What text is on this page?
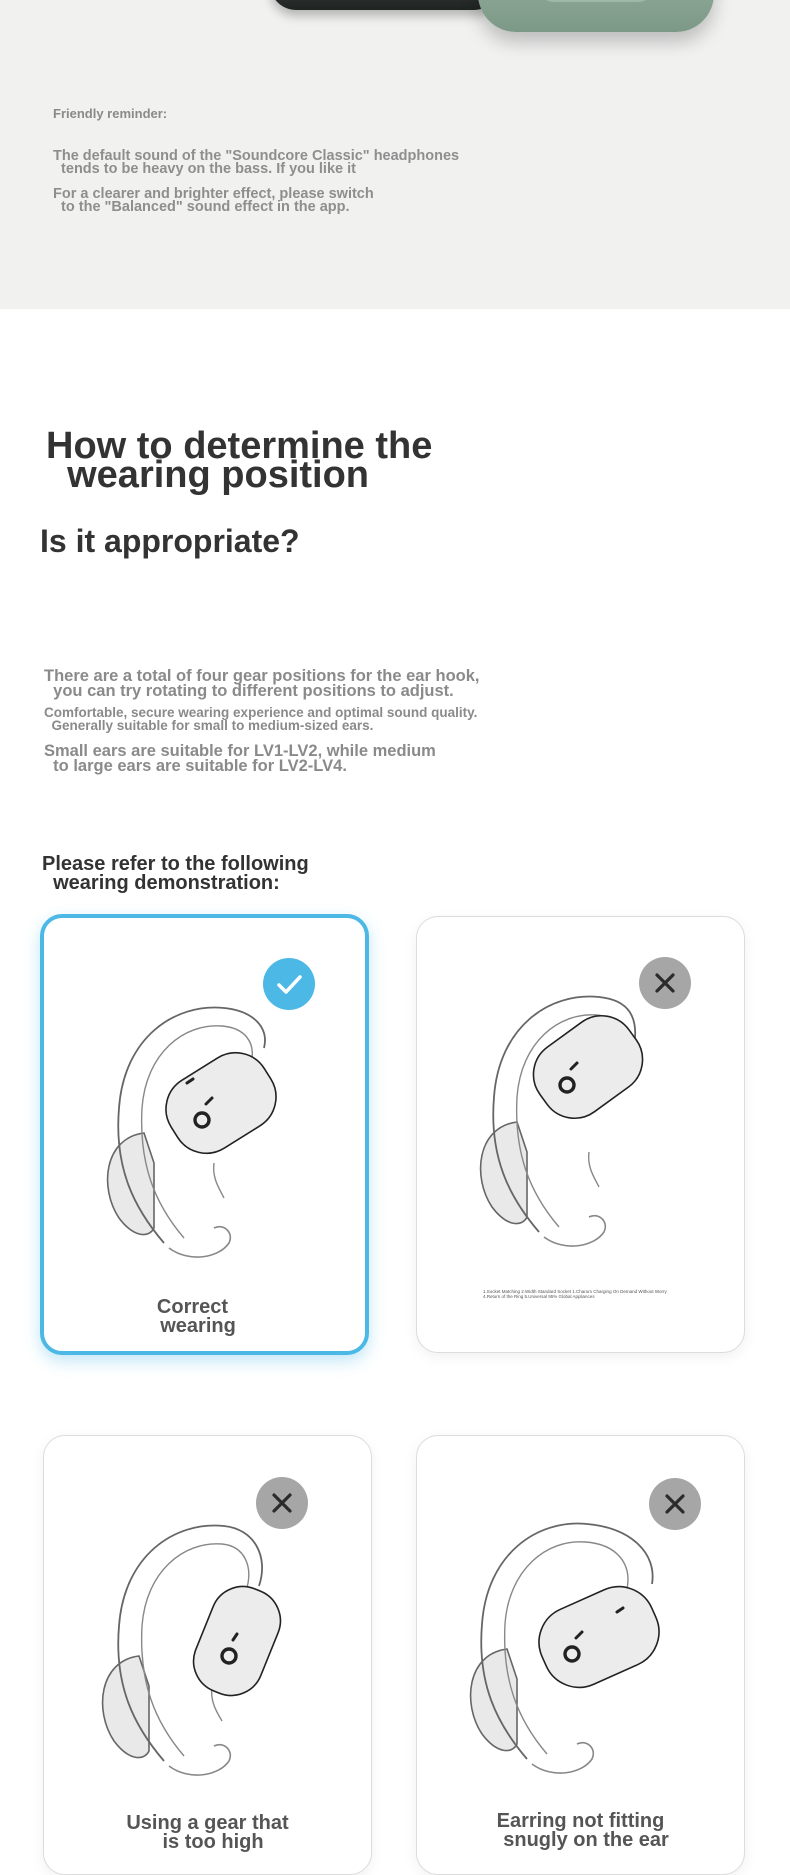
Friendly reminder:
The default sound of the "Soundcore Classic" headphones
tends to be heavy on the bass. If you like it
For a clearer and brighter effect, please switch
to the "Balanced" sound effect in the app.
How to determine the
wearing position
Is it appropriate?
There are a total of four gear positions for the ear hook,
you can try rotating to different positions to adjust.
Comfortable, secure wearing experience and optimal sound quality.
Generally suitable for small to medium-sized ears.
Small ears are suitable for LV1-LV2, while medium
to large ears are suitable for LV2-LV4.
Please refer to the following
wearing demonstration:
Correct
wearing
1.Socket Matching 2.Width Standard Socket 1.Charum Charging On Demand Without Worry 4.Return of the Ring 5.Universal 95% Global Appliances
Using a gear that
is too high
Earring not fitting
snugly on the ear
